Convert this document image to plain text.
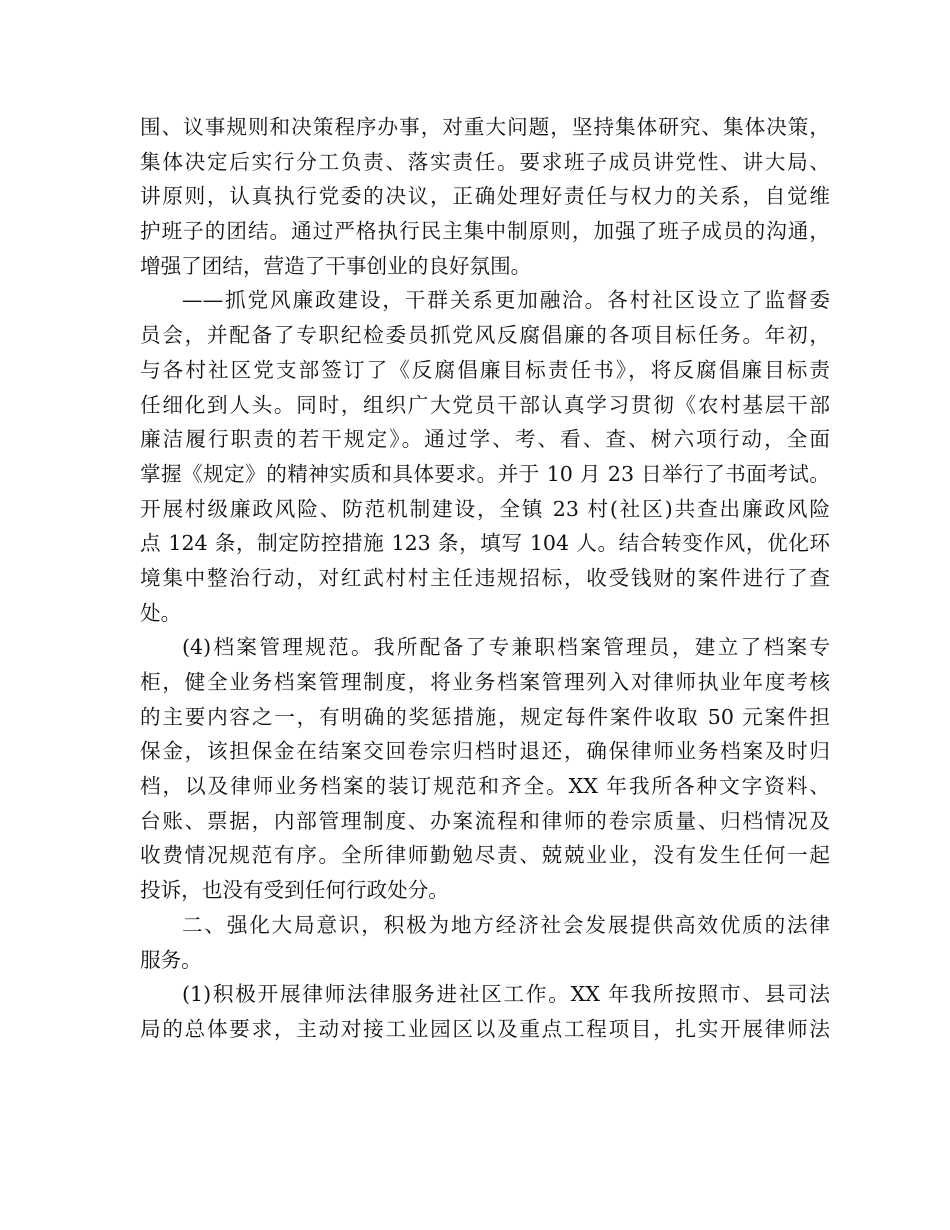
围、议事规则和决策程序办事，对重大问题，坚持集体研究、集体决策，
集体决定后实行分工负责、落实责任。要求班子成员讲党性、讲大局、
讲原则，认真执行党委的决议，正确处理好责任与权力的关系，自觉维
护班子的团结。通过严格执行民主集中制原则，加强了班子成员的沟通，
增强了团结，营造了干事创业的良好氛围。
——抓党风廉政建设，干群关系更加融洽。各村社区设立了监督委
员会，并配备了专职纪检委员抓党风反腐倡廉的各项目标任务。年初，
与各村社区党支部签订了《反腐倡廉目标责任书》，将反腐倡廉目标责
任细化到人头。同时，组织广大党员干部认真学习贯彻《农村基层干部
廉洁履行职责的若干规定》。通过学、考、看、查、树六项行动，全面
掌握《规定》的精神实质和具体要求。并于 10 月 23 日举行了书面考试。
开展村级廉政风险、防范机制建设，全镇 23 村(社区)共查出廉政风险
点 124 条，制定防控措施 123 条，填写 104 人。结合转变作风，优化环
境集中整治行动，对红武村村主任违规招标，收受钱财的案件进行了查
处。
(4)档案管理规范。我所配备了专兼职档案管理员，建立了档案专
柜，健全业务档案管理制度，将业务档案管理列入对律师执业年度考核
的主要内容之一，有明确的奖惩措施，规定每件案件收取 50 元案件担
保金，该担保金在结案交回卷宗归档时退还，确保律师业务档案及时归
档，以及律师业务档案的装订规范和齐全。XX 年我所各种文字资料、
台账、票据，内部管理制度、办案流程和律师的卷宗质量、归档情况及
收费情况规范有序。全所律师勤勉尽责、兢兢业业，没有发生任何一起
投诉，也没有受到任何行政处分。
二、强化大局意识，积极为地方经济社会发展提供高效优质的法律
服务。
(1)积极开展律师法律服务进社区工作。XX 年我所按照市、县司法
局的总体要求，主动对接工业园区以及重点工程项目，扎实开展律师法
